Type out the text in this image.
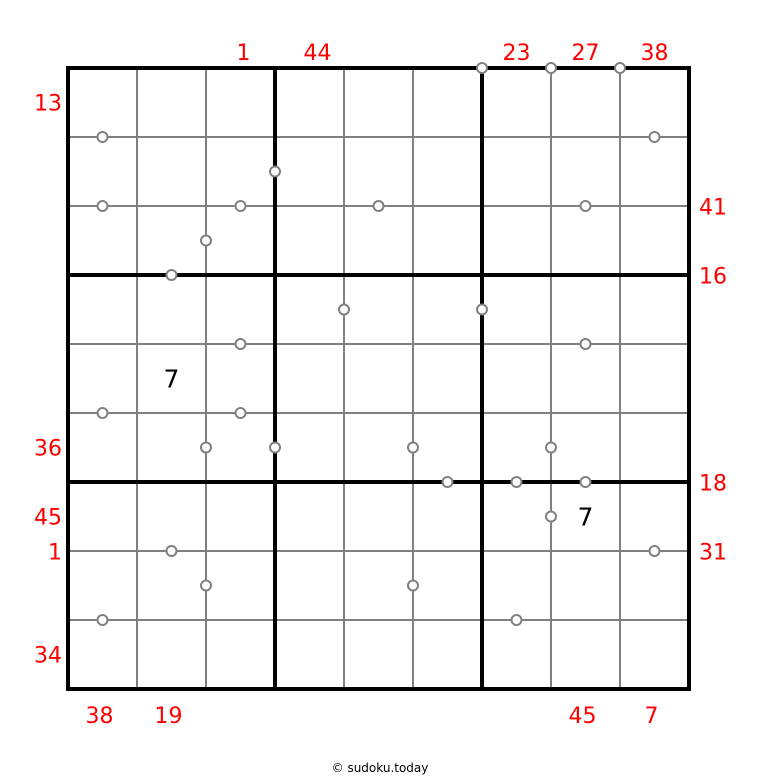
1 44	23 27 38
38 19	45 7
13
36
45
1
34
41
16
18
31
© sudoku.today
